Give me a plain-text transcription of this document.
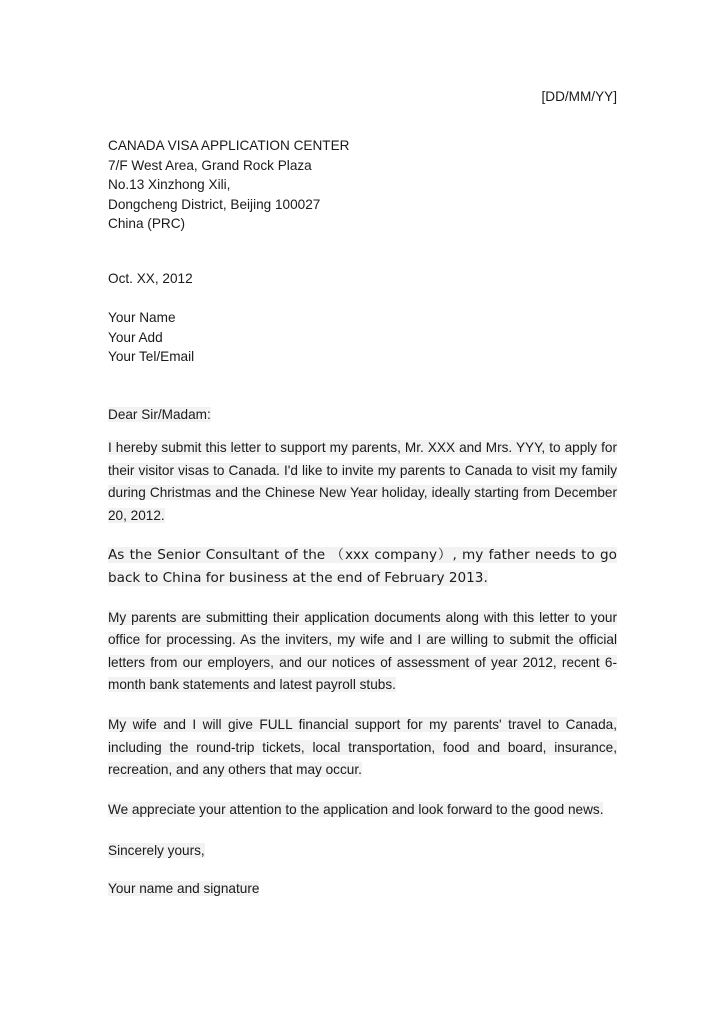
[DD/MM/YY]
CANADA VISA APPLICATION CENTER
7/F West Area, Grand Rock Plaza
No.13 Xinzhong Xili,
Dongcheng District, Beijing 100027
China (PRC)
Oct. XX, 2012
Your Name
Your Add
Your Tel/Email
Dear Sir/Madam:

I hereby submit this letter to support my parents, Mr. XXX and Mrs. YYY, to apply for their visitor visas to Canada. I'd like to invite my parents to Canada to visit my family during Christmas and the Chinese New Year holiday, ideally starting from December 20, 2012.

As the Senior Consultant of the （xxx company）, my father needs to go back to China for business at the end of February 2013.

My parents are submitting their application documents along with this letter to your office for processing. As the inviters, my wife and I are willing to submit the official letters from our employers, and our notices of assessment of year 2012, recent 6-month bank statements and latest payroll stubs.

My wife and I will give FULL financial support for my parents' travel to Canada, including the round-trip tickets, local transportation, food and board, insurance, recreation, and any others that may occur.

We appreciate your attention to the application and look forward to the good news.

Sincerely yours,
Your name and signature
